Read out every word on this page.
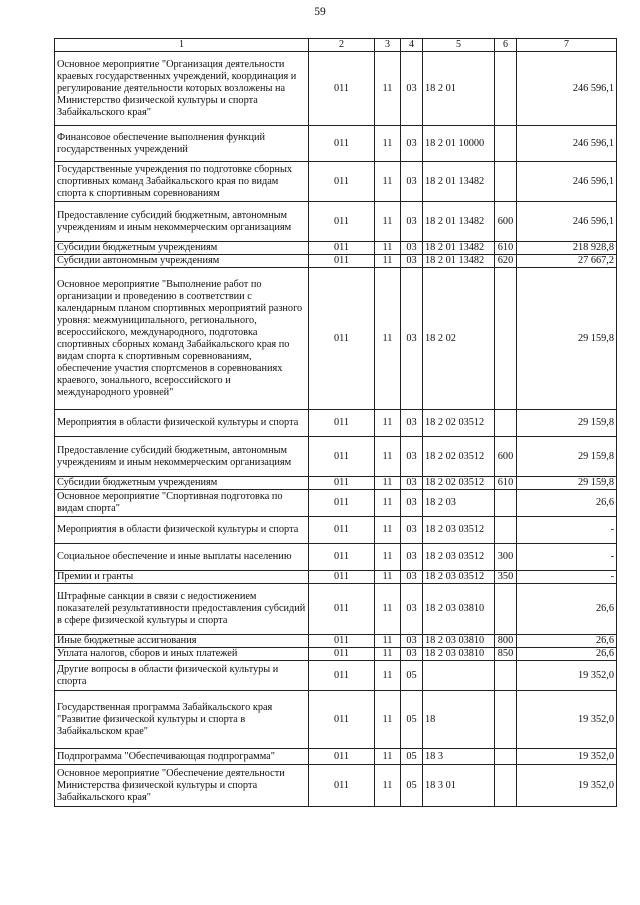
59
1	2	3	4	5	6	7
Основное мероприятие "Организация деятельности краевых государственных учреждений, координация и регулирование деятельности которых возложены на Министерство физической культуры и спорта Забайкальского края"	011	11	03	18 2 01		246 596,1
Финансовое обеспечение выполнения функций государственных учреждений	011	11	03	18 2 01 10000		246 596,1
Государственные учреждения по подготовке сборных спортивных команд Забайкальского края по видам спорта к спортивным соревнованиям	011	11	03	18 2 01 13482		246 596,1
Предоставление субсидий бюджетным, автономным учреждениям и иным некоммерческим организациям	011	11	03	18 2 01 13482	600	246 596,1
Субсидии бюджетным учреждениям	011	11	03	18 2 01 13482	610	218 928,8
Субсидии автономным учреждениям	011	11	03	18 2 01 13482	620	27 667,2
Основное мероприятие "Выполнение работ по организации и проведению в соответствии с календарным планом спортивных мероприятий разного уровня: межмуниципального, регионального, всероссийского, международного, подготовка спортивных сборных команд Забайкальского края по видам спорта к спортивным соревнованиям, обеспечение участия спортсменов в соревнованиях краевого, зонального, всероссийского и международного уровней"	011	11	03	18 2 02		29 159,8
Мероприятия в области физической культуры и спорта	011	11	03	18 2 02 03512		29 159,8
Предоставление субсидий бюджетным, автономным учреждениям и иным некоммерческим организациям	011	11	03	18 2 02 03512	600	29 159,8
Субсидии бюджетным учреждениям	011	11	03	18 2 02 03512	610	29 159,8
Основное мероприятие "Спортивная подготовка по видам спорта"	011	11	03	18 2 03		26,6
Мероприятия в области физической культуры и спорта	011	11	03	18 2 03 03512		-
Социальное обеспечение и иные выплаты населению	011	11	03	18 2 03 03512	300	-
Премии и гранты	011	11	03	18 2 03 03512	350	-
Штрафные санкции в связи с недостижением показателей результативности предоставления субсидий в сфере физической культуры и спорта	011	11	03	18 2 03 03810		26,6
Иные бюджетные ассигнования	011	11	03	18 2 03 03810	800	26,6
Уплата налогов, сборов и иных платежей	011	11	03	18 2 03 03810	850	26,6
Другие вопросы в области физической культуры и спорта	011	11	05			19 352,0
Государственная программа Забайкальского края "Развитие физической культуры и спорта в Забайкальском крае"	011	11	05	18		19 352,0
Подпрограмма "Обеспечивающая подпрограмма"	011	11	05	18 3		19 352,0
Основное мероприятие "Обеспечение деятельности Министерства физической культуры и спорта Забайкальского края"	011	11	05	18 3 01		19 352,0
